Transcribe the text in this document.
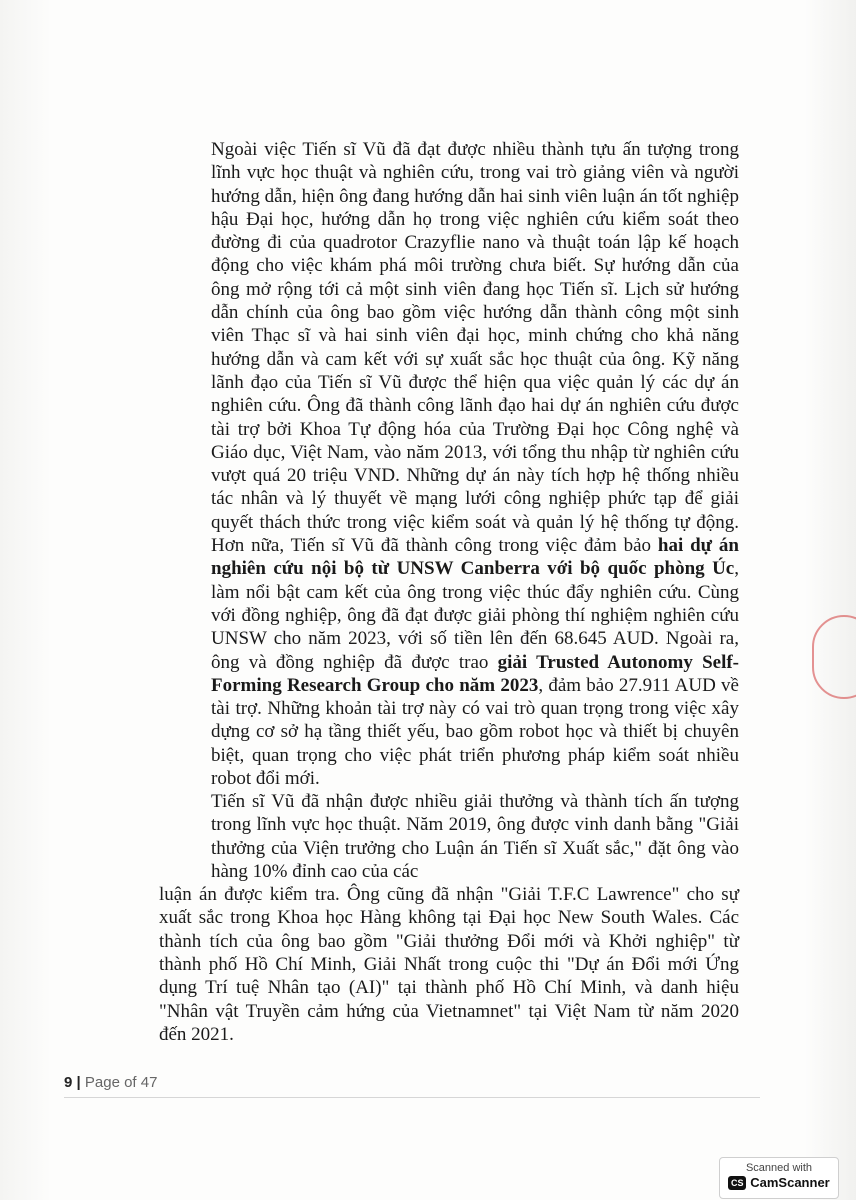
Ngoài việc Tiến sĩ Vũ đã đạt được nhiều thành tựu ấn tượng trong lĩnh vực học thuật và nghiên cứu, trong vai trò giảng viên và người hướng dẫn, hiện ông đang hướng dẫn hai sinh viên luận án tốt nghiệp hậu Đại học, hướng dẫn họ trong việc nghiên cứu kiểm soát theo đường đi của quadrotor Crazyflie nano và thuật toán lập kế hoạch động cho việc khám phá môi trường chưa biết. Sự hướng dẫn của ông mở rộng tới cả một sinh viên đang học Tiến sĩ. Lịch sử hướng dẫn chính của ông bao gồm việc hướng dẫn thành công một sinh viên Thạc sĩ và hai sinh viên đại học, minh chứng cho khả năng hướng dẫn và cam kết với sự xuất sắc học thuật của ông. Kỹ năng lãnh đạo của Tiến sĩ Vũ được thể hiện qua việc quản lý các dự án nghiên cứu. Ông đã thành công lãnh đạo hai dự án nghiên cứu được tài trợ bởi Khoa Tự động hóa của Trường Đại học Công nghệ và Giáo dục, Việt Nam, vào năm 2013, với tổng thu nhập từ nghiên cứu vượt quá 20 triệu VND. Những dự án này tích hợp hệ thống nhiều tác nhân và lý thuyết về mạng lưới công nghiệp phức tạp để giải quyết thách thức trong việc kiểm soát và quản lý hệ thống tự động. Hơn nữa, Tiến sĩ Vũ đã thành công trong việc đảm bảo hai dự án nghiên cứu nội bộ từ UNSW Canberra với bộ quốc phòng Úc, làm nổi bật cam kết của ông trong việc thúc đẩy nghiên cứu. Cùng với đồng nghiệp, ông đã đạt được giải phòng thí nghiệm nghiên cứu UNSW cho năm 2023, với số tiền lên đến 68.645 AUD. Ngoài ra, ông và đồng nghiệp đã được trao giải Trusted Autonomy Self-Forming Research Group cho năm 2023, đảm bảo 27.911 AUD về tài trợ. Những khoản tài trợ này có vai trò quan trọng trong việc xây dựng cơ sở hạ tầng thiết yếu, bao gồm robot học và thiết bị chuyên biệt, quan trọng cho việc phát triển phương pháp kiểm soát nhiều robot đổi mới.

Tiến sĩ Vũ đã nhận được nhiều giải thưởng và thành tích ấn tượng trong lĩnh vực học thuật. Năm 2019, ông được vinh danh bằng "Giải thưởng của Viện trưởng cho Luận án Tiến sĩ Xuất sắc," đặt ông vào hàng 10% đỉnh cao của các

luận án được kiểm tra. Ông cũng đã nhận "Giải T.F.C Lawrence" cho sự xuất sắc trong Khoa học Hàng không tại Đại học New South Wales. Các thành tích của ông bao gồm "Giải thưởng Đổi mới và Khởi nghiệp" từ thành phố Hồ Chí Minh, Giải Nhất trong cuộc thi "Dự án Đổi mới Ứng dụng Trí tuệ Nhân tạo (AI)" tại thành phố Hồ Chí Minh, và danh hiệu "Nhân vật Truyền cảm hứng của Vietnamnet" tại Việt Nam từ năm 2020 đến 2021.

9 | Page of 47
Scanned with
CS CamScanner
